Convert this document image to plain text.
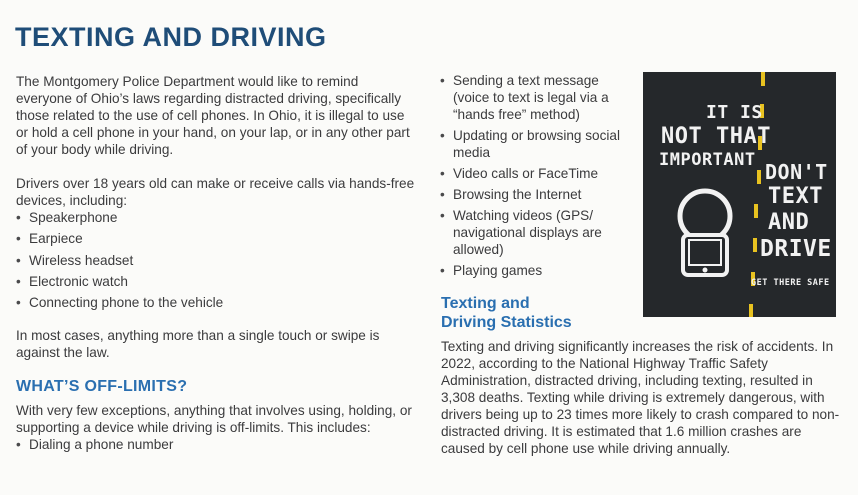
TEXTING AND DRIVING

The Montgomery Police Department would like to remind everyone of Ohio’s laws regarding distracted driving, specifically those related to the use of cell phones. In Ohio, it is illegal to use or hold a cell phone in your hand, on your lap, or in any other part of your body while driving.

Drivers over 18 years old can make or receive calls via hands-free devices, including:

• Speakerphone
• Earpiece
• Wireless headset
• Electronic watch
• Connecting phone to the vehicle

In most cases, anything more than a single touch or swipe is against the law.

WHAT’S OFF-LIMITS?

With very few exceptions, anything that involves using, holding, or supporting a device while driving is off-limits. This includes:

• Dialing a phone number
• Sending a text message (voice to text is legal via a “hands free” method)
• Updating or browsing social media
• Video calls or FaceTime
• Browsing the Internet
• Watching videos (GPS/ navigational displays are allowed)
• Playing games
IT IS
NOT THAT
IMPORTANT DON'T
TEXT
AND
DRIVE
GET THERE SAFE
Texting and
Driving Statistics

Texting and driving significantly increases the risk of accidents. In 2022, according to the National Highway Traffic Safety Administration, distracted driving, including texting, resulted in 3,308 deaths. Texting while driving is extremely dangerous, with drivers being up to 23 times more likely to crash compared to non-distracted driving. It is estimated that 1.6 million crashes are caused by cell phone use while driving annually.
